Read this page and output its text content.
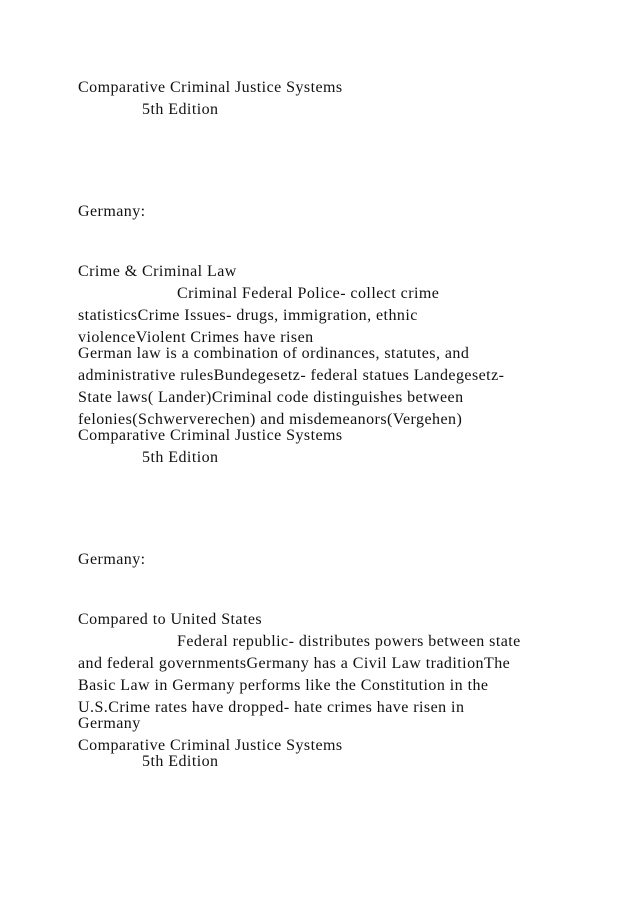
Comparative Criminal Justice Systems

5th Edition

Germany:

Crime & Criminal Law

Criminal Federal Police- collect crime

statisticsCrime Issues- drugs, immigration, ethnic

violenceViolent Crimes have risen

German law is a combination of ordinances, statutes, and

administrative rulesBundegesetz- federal statues Landegesetz-

State laws( Lander)Criminal code distinguishes between

felonies(Schwerverechen) and misdemeanors(Vergehen)

Comparative Criminal Justice Systems

5th Edition

Germany:

Compared to United States

Federal republic- distributes powers between state

and federal governmentsGermany has a Civil Law traditionThe

Basic Law in Germany performs like the Constitution in the

U.S.Crime rates have dropped- hate crimes have risen in

Germany

Comparative Criminal Justice Systems

5th Edition
